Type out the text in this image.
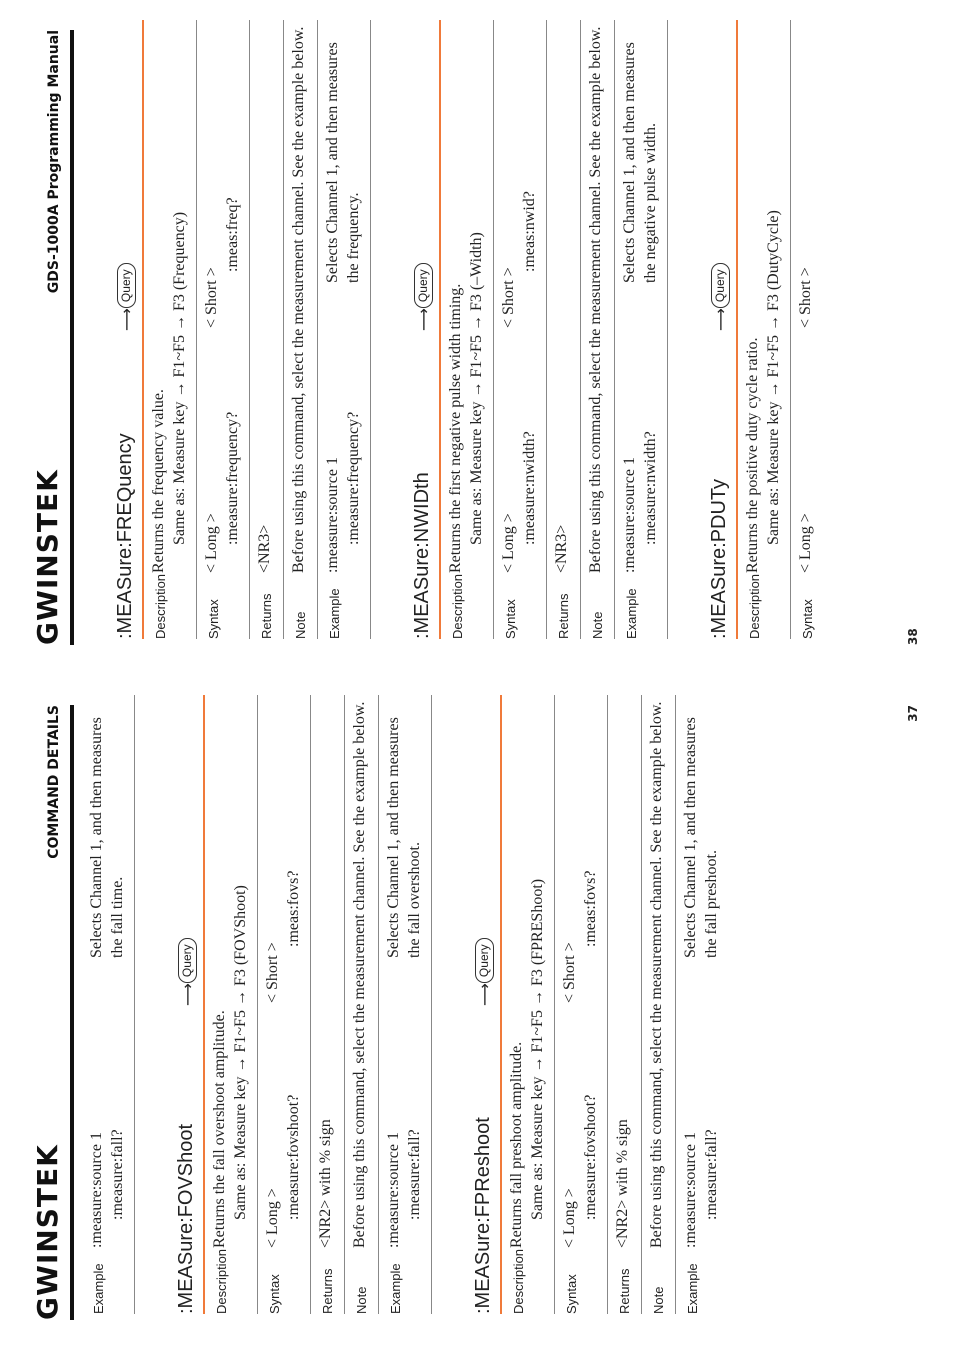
GWINSTEK
COMMAND DETAILS
Example
:measure:source 1 :measure:fall?
Selects Channel 1, and then measures the fall time.
:MEASure:FOVShoot
⟶
Query
Description
Returns the fall overshoot amplitude. Same as: Measure key → F1~F5 → F3 (FOVShoot)
Syntax
< Long >
< Short >
:measure:fovshoot?
:meas:fovs?
Returns
<NR2> with % sign
Note
Before using this command, select the measurement channel. See the example below.
Example
:measure:source 1 :measure:fall?
Selects Channel 1, and then measures the fall overshoot.
:MEASure:FPReshoot
⟶
Query
Description
Returns fall preshoot amplitude. Same as: Measure key → F1~F5 → F3 (FPREShoot)
Syntax
< Long >
< Short >
:measure:fovshoot?
:meas:fovs?
Returns
<NR2> with % sign
Note
Before using this command, select the measurement channel. See the example below.
Example
:measure:source 1 :measure:fall?
Selects Channel 1, and then measures the fall preshoot.
37
GWINSTEK
GDS-1000A Programming Manual
:MEASure:FREQuency
⟶
Query
Description
Returns the frequency value. Same as: Measure key → F1~F5 → F3 (Frequency)
Syntax
< Long >
< Short >
:measure:frequency?
:meas:freq?
Returns
<NR3>
Note
Before using this command, select the measurement channel. See the example below.
Example
:measure:source 1 :measure:frequency?
Selects Channel 1, and then measures the frequency.
:MEASure:NWIDth
⟶
Query
Description
Returns the first negative pulse width timing. Same as: Measure key → F1~F5 → F3 (–Width)
Syntax
< Long >
< Short >
:measure:nwidth?
:meas:nwid?
Returns
<NR3>
Note
Before using this command, select the measurement channel. See the example below.
Example
:measure:source 1 :measure:nwidth?
Selects Channel 1, and then measures the negative pulse width.
:MEASure:PDUTy
⟶
Query
Description
Returns the positive duty cycle ratio. Same as: Measure key → F1~F5 → F3 (DutyCycle)
Syntax
< Long >
< Short >
38
